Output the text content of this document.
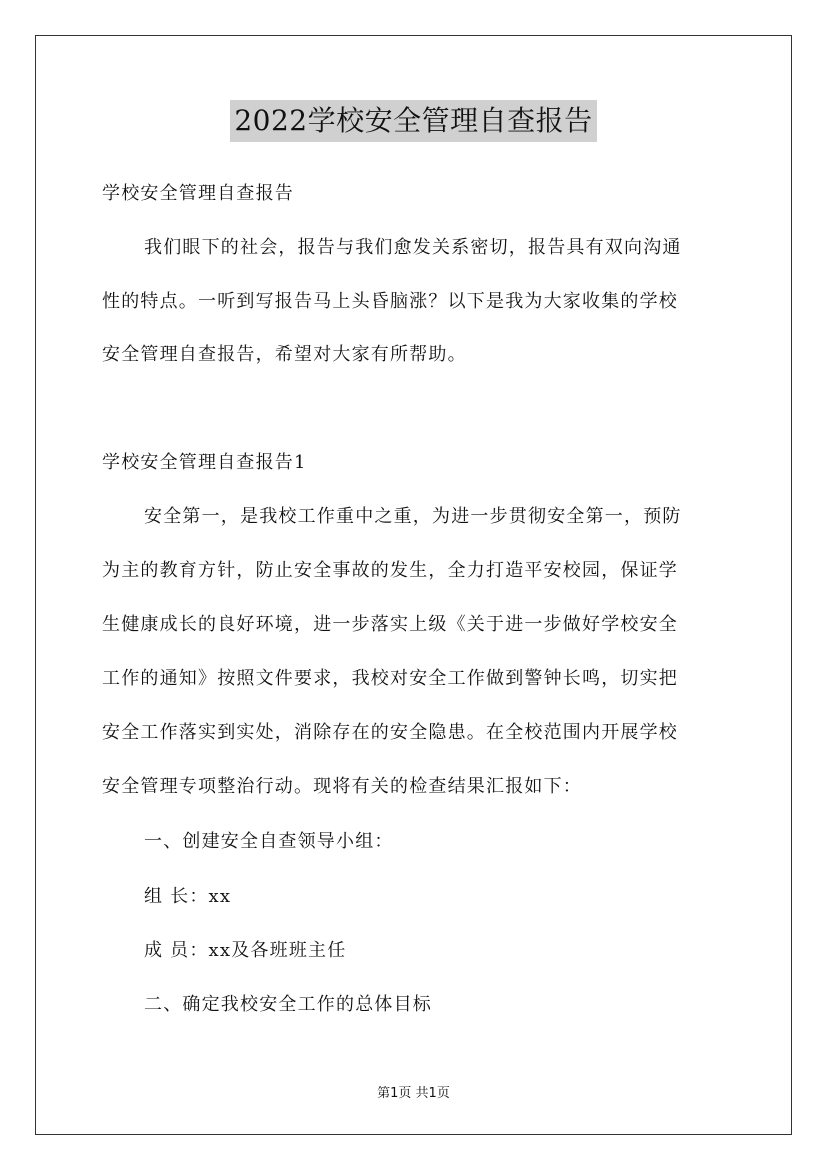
2022学校安全管理自查报告
学校安全管理自查报告
我们眼下的社会，报告与我们愈发关系密切，报告具有双向沟通
性的特点。一听到写报告马上头昏脑涨？以下是我为大家收集的学校
安全管理自查报告，希望对大家有所帮助。
学校安全管理自查报告1
安全第一，是我校工作重中之重，为进一步贯彻安全第一，预防
为主的教育方针，防止安全事故的发生，全力打造平安校园，保证学
生健康成长的良好环境，进一步落实上级《关于进一步做好学校安全
工作的通知》按照文件要求，我校对安全工作做到警钟长鸣，切实把
安全工作落实到实处，消除存在的安全隐患。在全校范围内开展学校
安全管理专项整治行动。现将有关的检查结果汇报如下：
一、创建安全自查领导小组：
组 长：xx
成 员：xx及各班班主任
二、确定我校安全工作的总体目标
第1页 共1页
